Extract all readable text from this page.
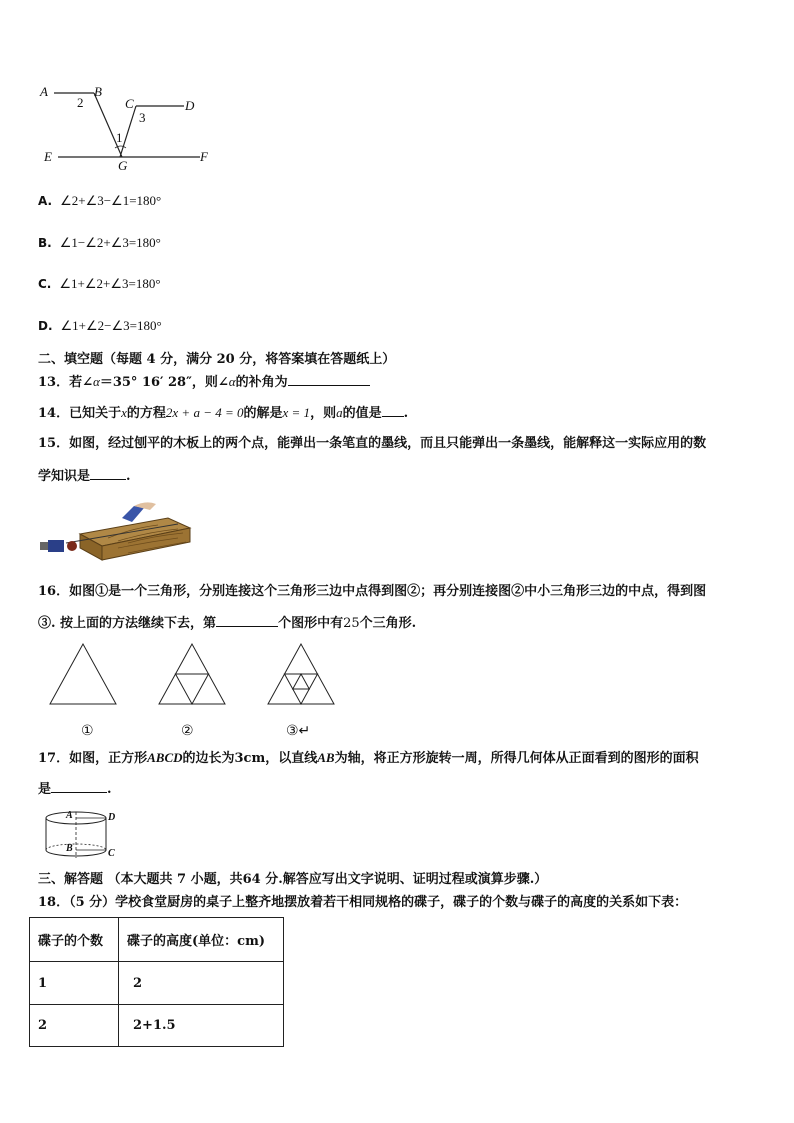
A	B
2	C
3
D
1
E
G
F
A. ∠2+∠3−∠1=180°
B. ∠1−∠2+∠3=180°
C. ∠1+∠2+∠3=180°
D. ∠1+∠2−∠3=180°
二、填空题（每题 4 分，满分 20 分，将答案填在答题纸上）
13．若∠α＝35° 16′ 28″，则∠α的补角为
14．已知关于x的方程2x + a − 4 = 0的解是x = 1，则a的值是 .
15．如图，经过刨平的木板上的两个点，能弹出一条笔直的墨线，而且只能弹出一条墨线，能解释这一实际应用的数
学知识是	.
16．如图①是一个三角形，分别连接这个三角形三边中点得到图②；再分别连接图②中小三角形三边的中点，得到图
③. 按上面的方法继续下去，第	个图形中有25个三角形.
①	②	③↵
17．如图，正方形ABCD的边长为3cm，以直线AB为轴，将正方形旋转一周，所得几何体从正面看到的图形的面积
是	.
A	D
B	C
三、解答题 （本大题共 7 小题，共64 分.解答应写出文字说明、证明过程或演算步骤.）
18．（5 分）学校食堂厨房的桌子上整齐地摆放着若干相同规格的碟子，碟子的个数与碟子的高度的关系如下表：
碟子的个数	碟子的高度(单位：cm)
1	2
2	2+1.5
